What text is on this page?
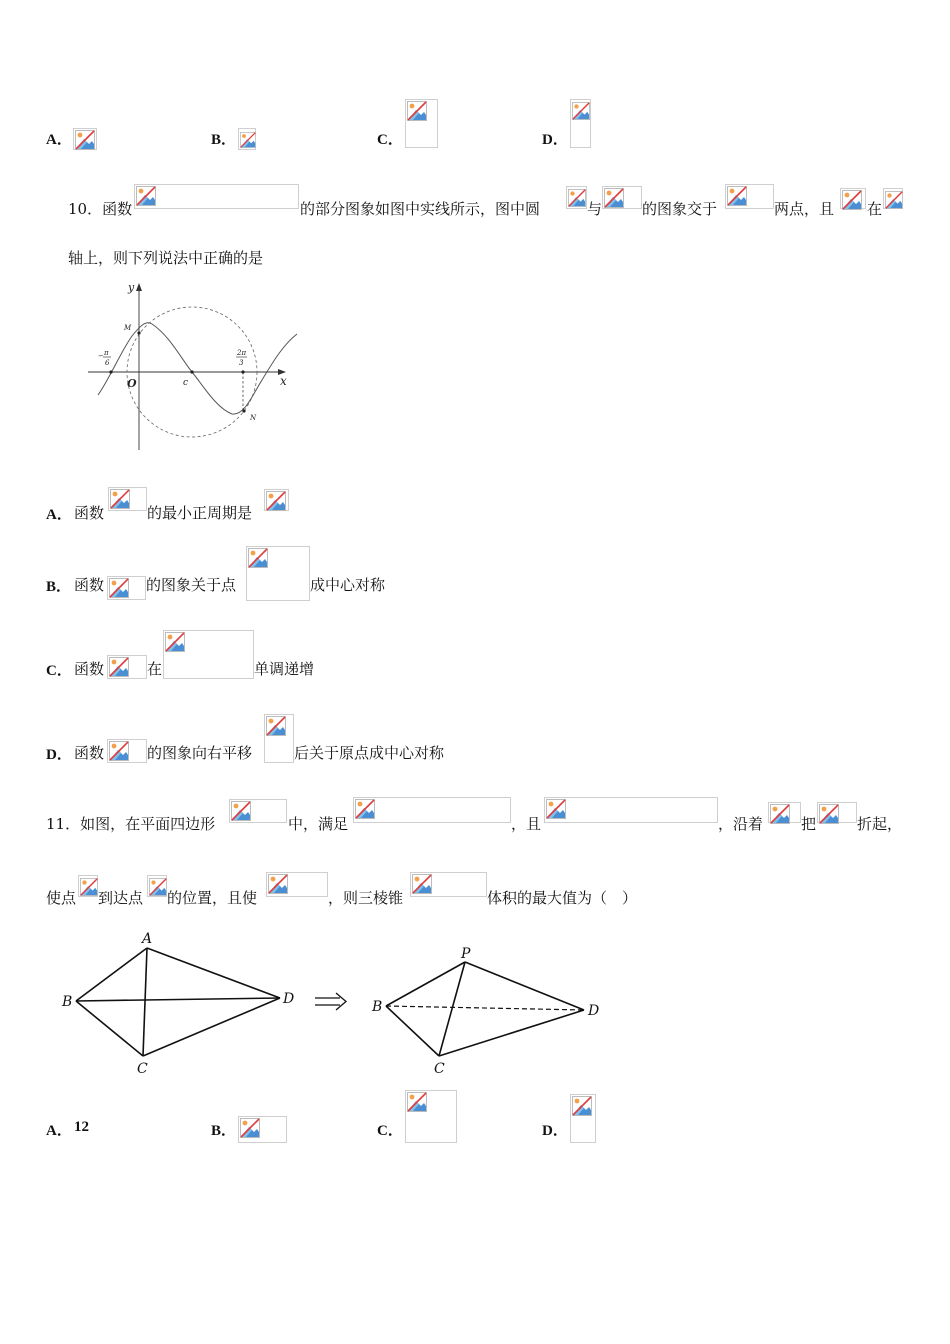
A．	B．	C．	D．
10．函数	的部分图象如图中实线所示，图中圆	与	的图象交于	两点，且 在
轴上，则下列说法中正确的是
y
x
O	c
M
N
− π
6
2π
3
A． 函数	的最小正周期是
B． 函数	的图象关于点	成中心对称
C． 函数	在	单调递增
D． 函数	的图象向右平移	后关于原点成中心对称
11．如图，在平面四边形	中，满足	，且	，沿着	把	折起，
使点 到达点 的位置，且使	，则三棱锥	体积的最大值为（　）
A
B
C
D
P
B
C
D
A． 12	B．	C．	D．
